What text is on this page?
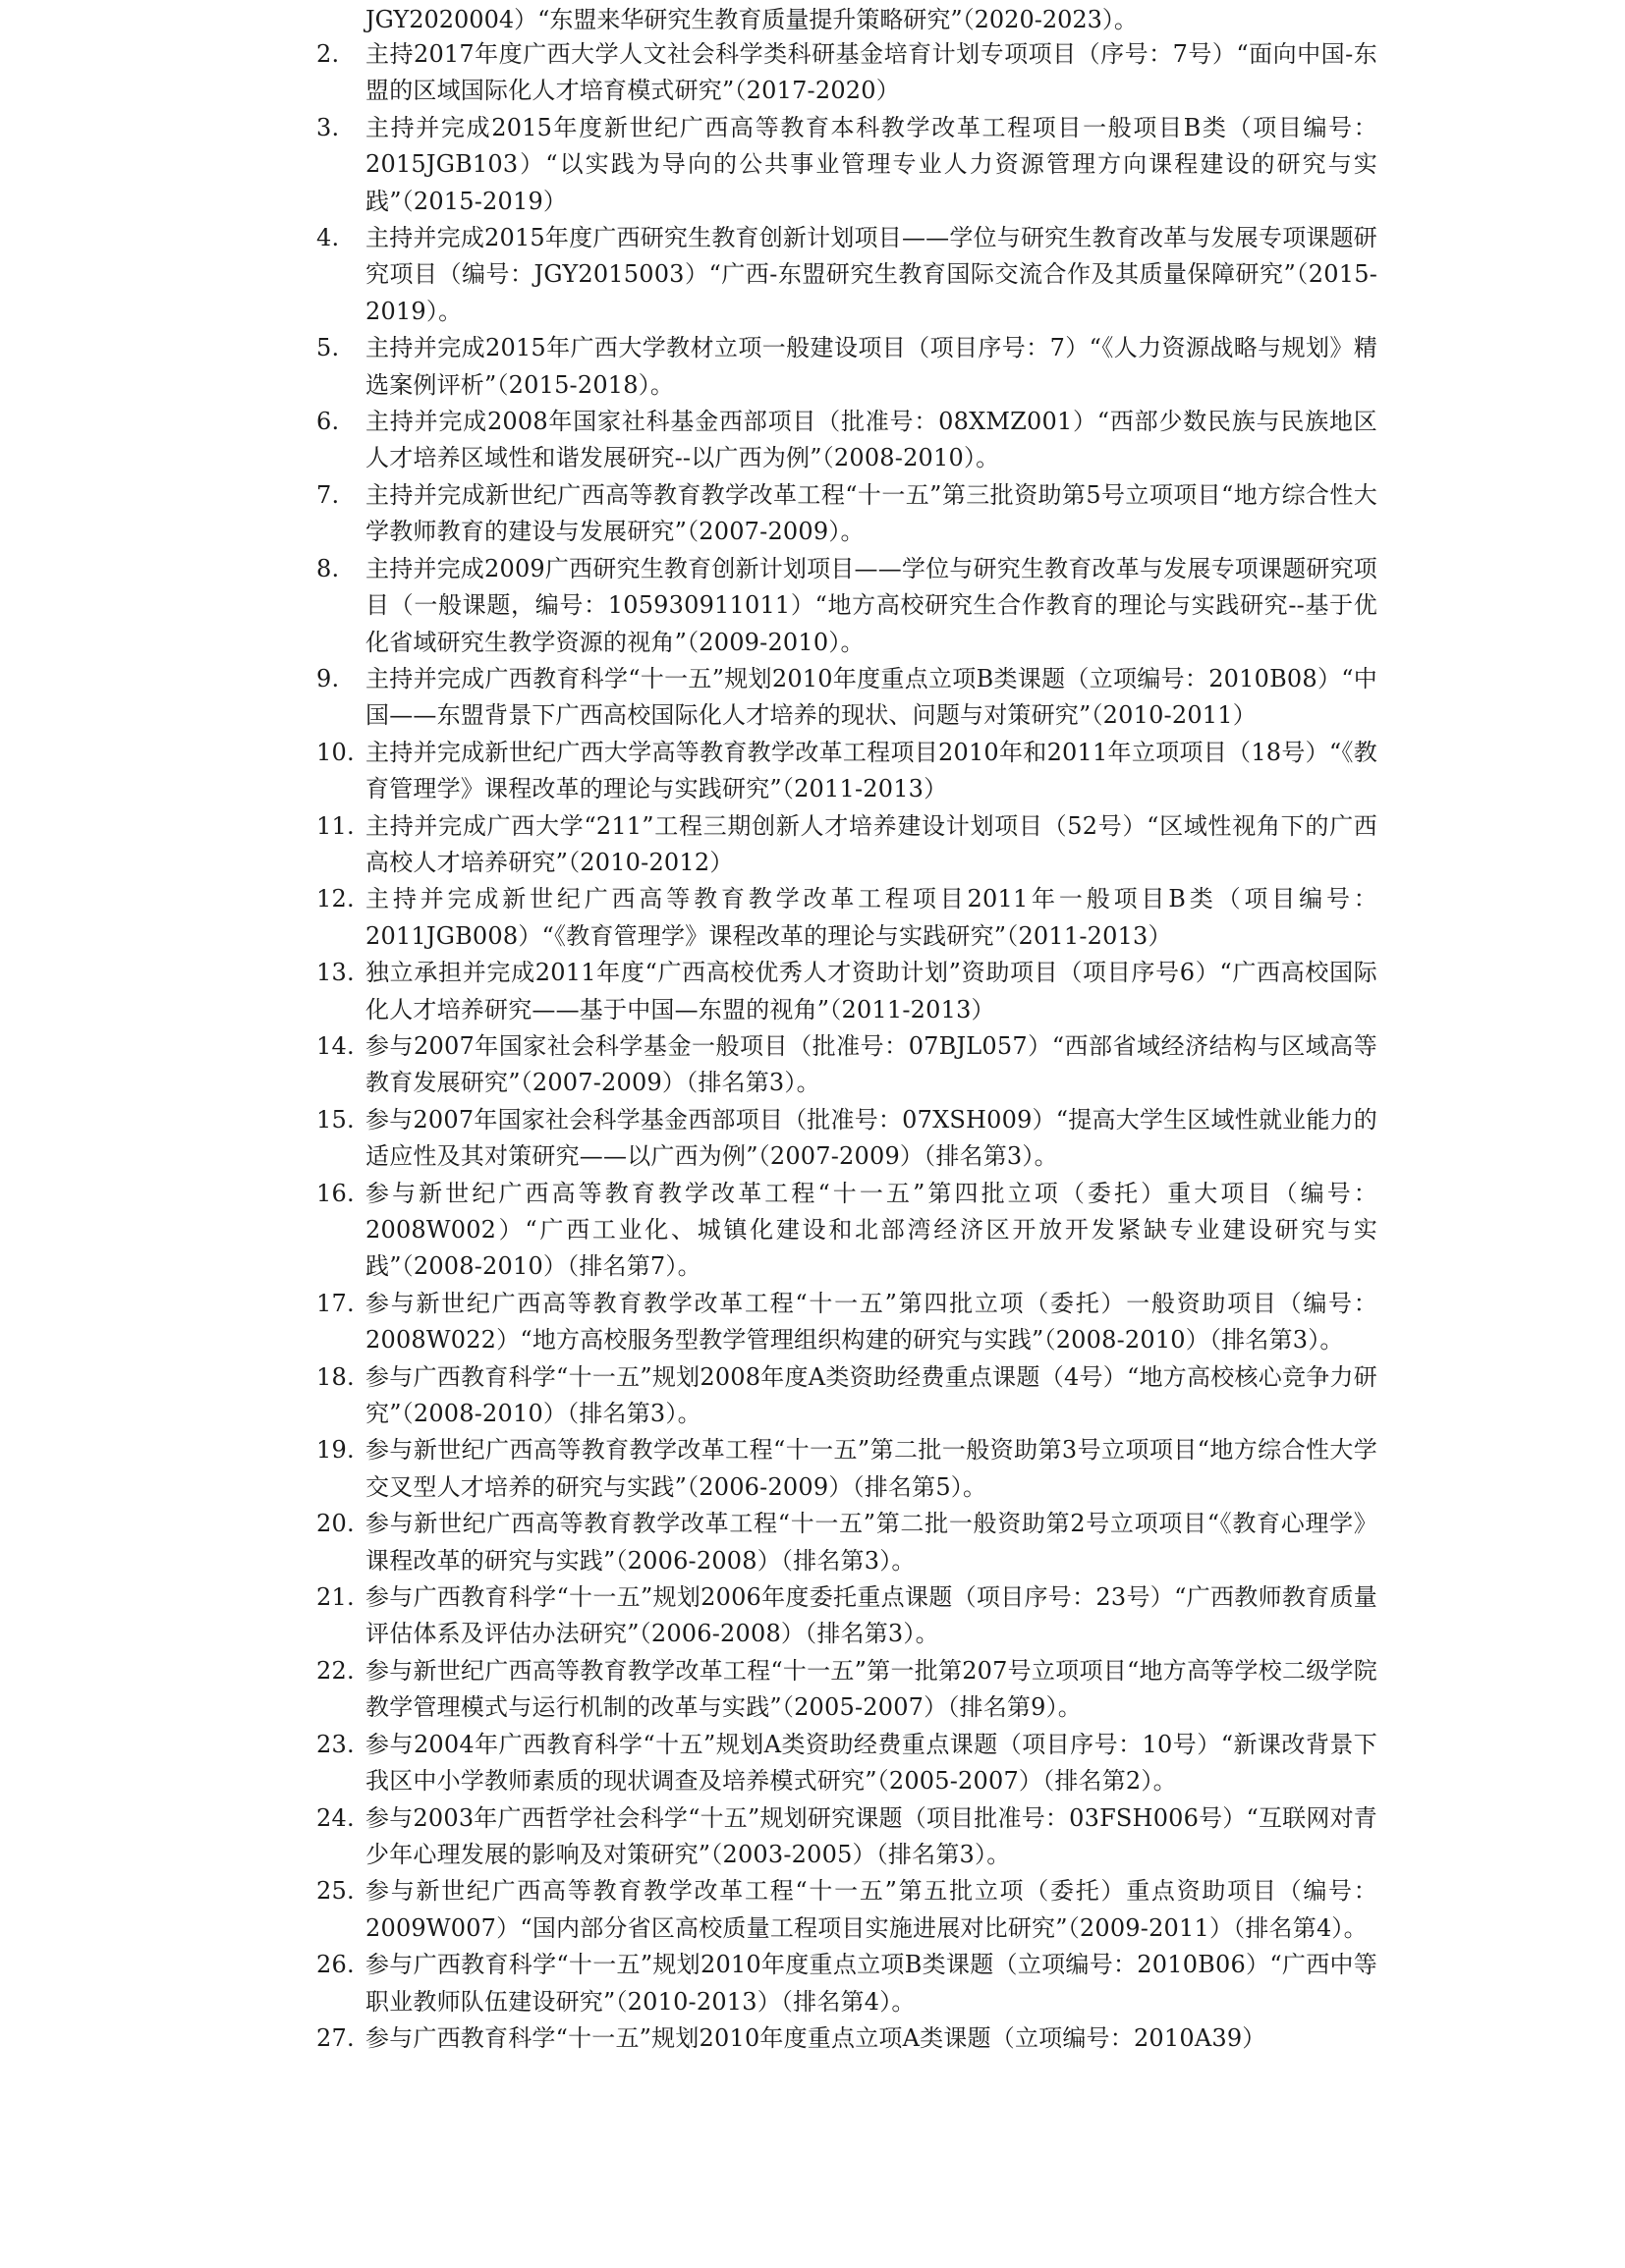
JGY2020004）“东盟来华研究生教育质量提升策略研究”（2020-2023）。

2.	主持2017年度广西大学人文社会科学类科研基金培育计划专项项目（序号：7号）“面向中国-东盟的区域国际化人才培育模式研究”（2017-2020）
3.	主持并完成2015年度新世纪广西高等教育本科教学改革工程项目一般项目B类（项目编号：2015JGB103）“以实践为导向的公共事业管理专业人力资源管理方向课程建设的研究与实践”（2015-2019）
4.	主持并完成2015年度广西研究生教育创新计划项目——学位与研究生教育改革与发展专项课题研究项目（编号：JGY2015003）“广西-东盟研究生教育国际交流合作及其质量保障研究”（2015-2019）。
5.	主持并完成2015年广西大学教材立项一般建设项目（项目序号：7）“《人力资源战略与规划》精选案例评析”（2015-2018）。
6.	主持并完成2008年国家社科基金西部项目（批准号：08XMZ001）“西部少数民族与民族地区人才培养区域性和谐发展研究--以广西为例”（2008-2010）。
7.	主持并完成新世纪广西高等教育教学改革工程“十一五”第三批资助第5号立项项目“地方综合性大学教师教育的建设与发展研究”（2007-2009）。
8.	主持并完成2009广西研究生教育创新计划项目——学位与研究生教育改革与发展专项课题研究项目（一般课题，编号：105930911011）“地方高校研究生合作教育的理论与实践研究--基于优化省域研究生教学资源的视角”（2009-2010）。
9.	主持并完成广西教育科学“十一五”规划2010年度重点立项B类课题（立项编号：2010B08）“中国——东盟背景下广西高校国际化人才培养的现状、问题与对策研究”（2010-2011）
10. 主持并完成新世纪广西大学高等教育教学改革工程项目2010年和2011年立项项目（18号）“《教育管理学》课程改革的理论与实践研究”（2011-2013）
11. 主持并完成广西大学“211”工程三期创新人才培养建设计划项目（52号）“区域性视角下的广西高校人才培养研究”（2010-2012）
12. 主持并完成新世纪广西高等教育教学改革工程项目2011年一般项目B类（项目编号：2011JGB008）“《教育管理学》课程改革的理论与实践研究”（2011-2013）
13. 独立承担并完成2011年度“广西高校优秀人才资助计划”资助项目（项目序号6）“广西高校国际化人才培养研究——基于中国—东盟的视角”（2011-2013）
14. 参与2007年国家社会科学基金一般项目（批准号：07BJL057）“西部省域经济结构与区域高等教育发展研究”（2007-2009）（排名第3）。
15. 参与2007年国家社会科学基金西部项目（批准号：07XSH009）“提高大学生区域性就业能力的适应性及其对策研究——以广西为例”（2007-2009）（排名第3）。
16. 参与新世纪广西高等教育教学改革工程“十一五”第四批立项（委托）重大项目（编号：2008W002）“广西工业化、城镇化建设和北部湾经济区开放开发紧缺专业建设研究与实践”（2008-2010）（排名第7）。
17. 参与新世纪广西高等教育教学改革工程“十一五”第四批立项（委托）一般资助项目（编号：2008W022）“地方高校服务型教学管理组织构建的研究与实践”（2008-2010）（排名第3）。
18. 参与广西教育科学“十一五”规划2008年度A类资助经费重点课题（4号）“地方高校核心竞争力研究”（2008-2010）（排名第3）。
19. 参与新世纪广西高等教育教学改革工程“十一五”第二批一般资助第3号立项项目“地方综合性大学交叉型人才培养的研究与实践”（2006-2009）（排名第5）。
20. 参与新世纪广西高等教育教学改革工程“十一五”第二批一般资助第2号立项项目“《教育心理学》课程改革的研究与实践”（2006-2008）（排名第3）。
21. 参与广西教育科学“十一五”规划2006年度委托重点课题（项目序号：23号）“广西教师教育质量评估体系及评估办法研究”（2006-2008）（排名第3）。
22. 参与新世纪广西高等教育教学改革工程“十一五”第一批第207号立项项目“地方高等学校二级学院教学管理模式与运行机制的改革与实践”（2005-2007）（排名第9）。
23. 参与2004年广西教育科学“十五”规划A类资助经费重点课题（项目序号：10号）“新课改背景下我区中小学教师素质的现状调查及培养模式研究”（2005-2007）（排名第2）。
24. 参与2003年广西哲学社会科学“十五”规划研究课题（项目批准号：03FSH006号）“互联网对青少年心理发展的影响及对策研究”（2003-2005）（排名第3）。
25. 参与新世纪广西高等教育教学改革工程“十一五”第五批立项（委托）重点资助项目（编号：2009W007）“国内部分省区高校质量工程项目实施进展对比研究”（2009-2011）（排名第4）。
26. 参与广西教育科学“十一五”规划2010年度重点立项B类课题（立项编号：2010B06）“广西中等职业教师队伍建设研究”（2010-2013）（排名第4）。
27. 参与广西教育科学“十一五”规划2010年度重点立项A类课题（立项编号：2010A39）
